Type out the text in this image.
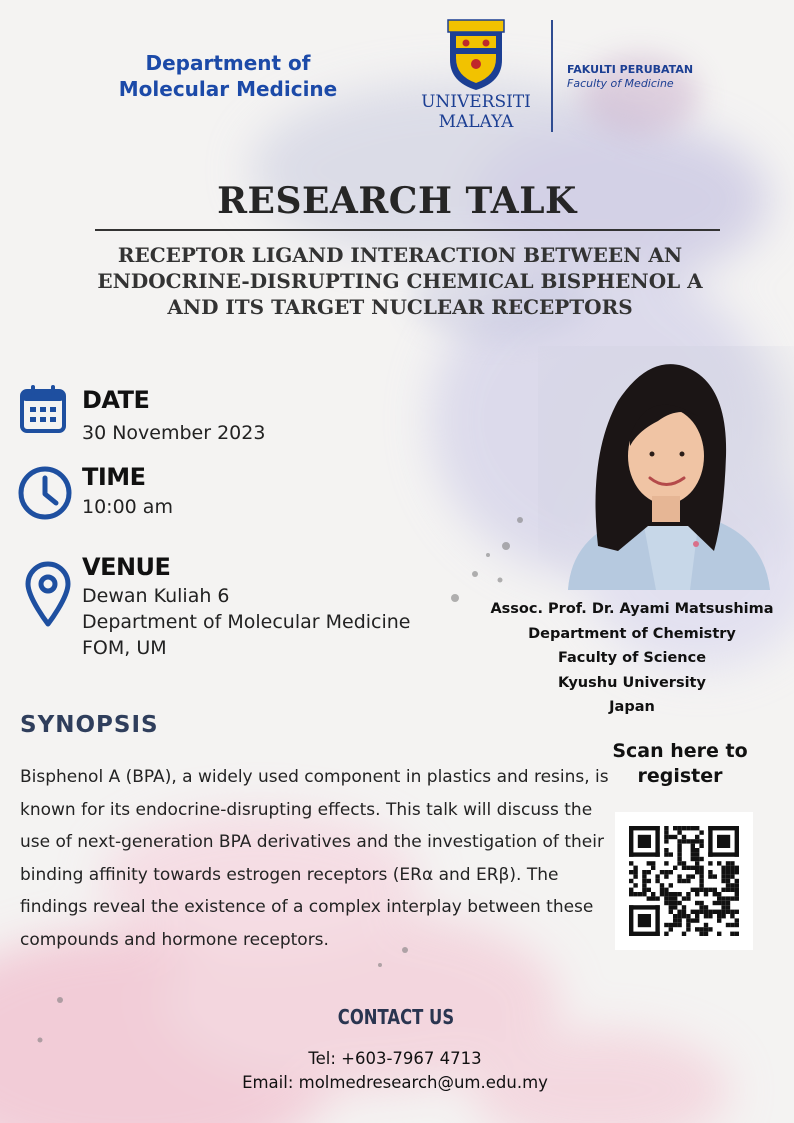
Department of Molecular Medicine
UNIVERSITI MALAYA
FAKULTI PERUBATAN
Faculty of Medicine
RESEARCH TALK
RECEPTOR LIGAND INTERACTION BETWEEN AN ENDOCRINE-DISRUPTING CHEMICAL BISPHENOL A AND ITS TARGET NUCLEAR RECEPTORS
DATE
30 November 2023
TIME
10:00 am
VENUE
Dewan Kuliah 6
Department of Molecular Medicine
FOM, UM
Assoc. Prof. Dr. Ayami Matsushima
Department of Chemistry
Faculty of Science
Kyushu University
Japan
SYNOPSIS
Bisphenol A (BPA), a widely used component in plastics and resins, is known for its endocrine-disrupting effects. This talk will discuss the use of next-generation BPA derivatives and the investigation of their binding affinity towards estrogen receptors (ERα and ERβ). The findings reveal the existence of a complex interplay between these compounds and hormone receptors.
Scan here to register
CONTACT US
Tel: +603-7967 4713
Email: molmedresearch@um.edu.my
